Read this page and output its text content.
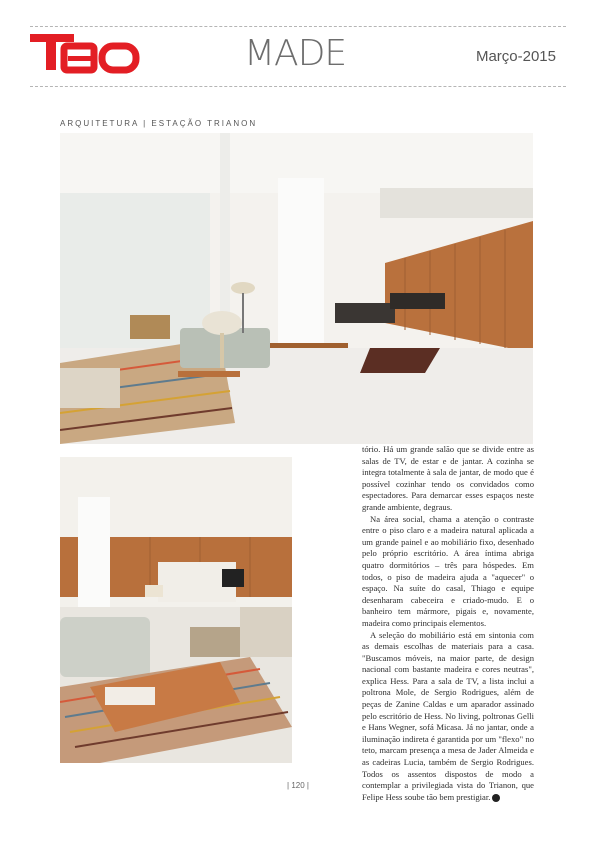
MADE	Março-2015
ARQUITETURA | ESTAÇÃO TRIANON

tório. Há um grande salão que se divide entre as salas de TV, de estar e de jantar. A cozinha se integra totalmente à sala de jantar, de modo que é possível cozinhar tendo os convidados como espectadores. Para demarcar esses espaços neste grande ambiente, degraus.

Na área social, chama a atenção o contraste entre o piso claro e a madeira natural aplicada a um grande painel e ao mobiliário fixo, desenhado pelo próprio escritório. A área íntima abriga quatro dormitórios – três para hóspedes. Em todos, o piso de madeira ajuda a "aquecer" o espaço. Na suíte do casal, Thiago e equipe desenharam cabeceira e criado-mudo. E o banheiro tem mármore, pigais e, novamente, madeira como principais elementos.

A seleção do mobiliário está em sintonia com as demais escolhas de materiais para a casa. "Buscamos móveis, na maior parte, de design nacional com bastante madeira e cores neutras", explica Hess. Para a sala de TV, a lista inclui a poltrona Mole, de Sergio Rodrigues, além de peças de Zanine Caldas e um aparador assinado pelo escritório de Hess. No living, poltronas Gelli e Hans Wegner, sofá Micasa. Já no jantar, onde a iluminação indireta é garantida por um "flexo" no teto, marcam presença a mesa de Jader Almeida e as cadeiras Lucia, também de Sergio Rodrigues. Todos os assentos dispostos de modo a contemplar a privilegiada vista do Trianon, que Felipe Hess soube tão bem prestigiar. T

| 120 |
